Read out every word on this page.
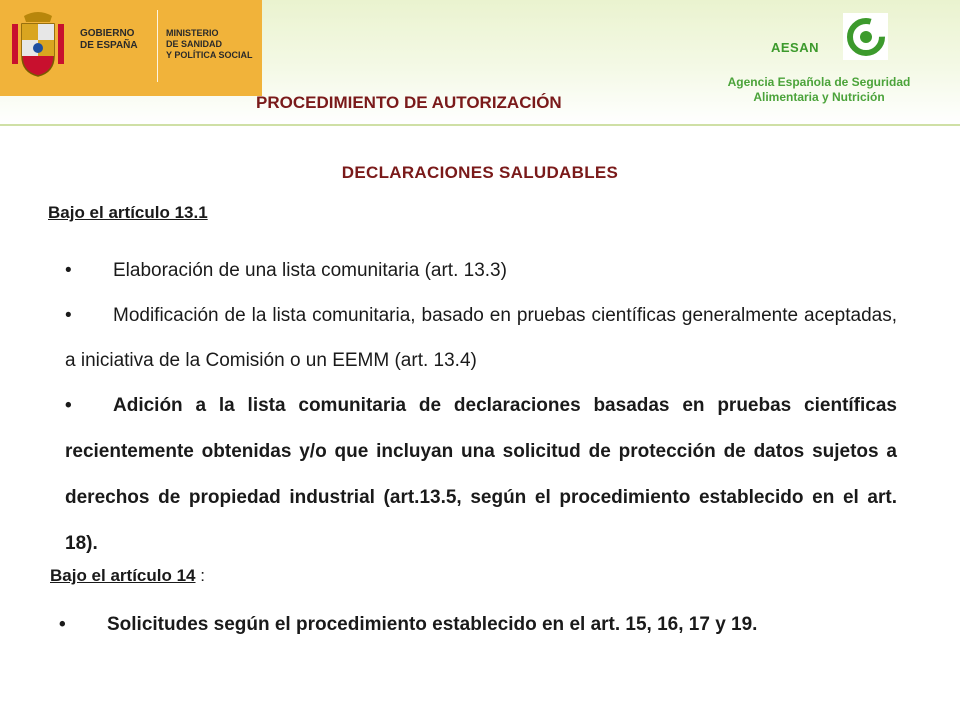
GOBIERNO
DE ESPAÑA
MINISTERIO
DE SANIDAD
Y POLÍTICA SOCIAL	AESAN
Agencia Española de Seguridad
Alimentaria y Nutrición
PROCEDIMIENTO DE AUTORIZACIÓN
DECLARACIONES SALUDABLES
Bajo el artículo 13.1
• Elaboración de una lista comunitaria (art. 13.3)
• Modificación de la lista comunitaria, basado en pruebas científicas generalmente aceptadas, a iniciativa de la Comisión o un EEMM (art. 13.4)
• Adición a la lista comunitaria de declaraciones basadas en pruebas científicas recientemente obtenidas y/o que incluyan una solicitud de protección de datos sujetos a derechos de propiedad industrial (art.13.5, según el procedimiento establecido en el art. 18).
Bajo el artículo 14 :
• Solicitudes según el procedimiento establecido en el art. 15, 16, 17 y 19.
